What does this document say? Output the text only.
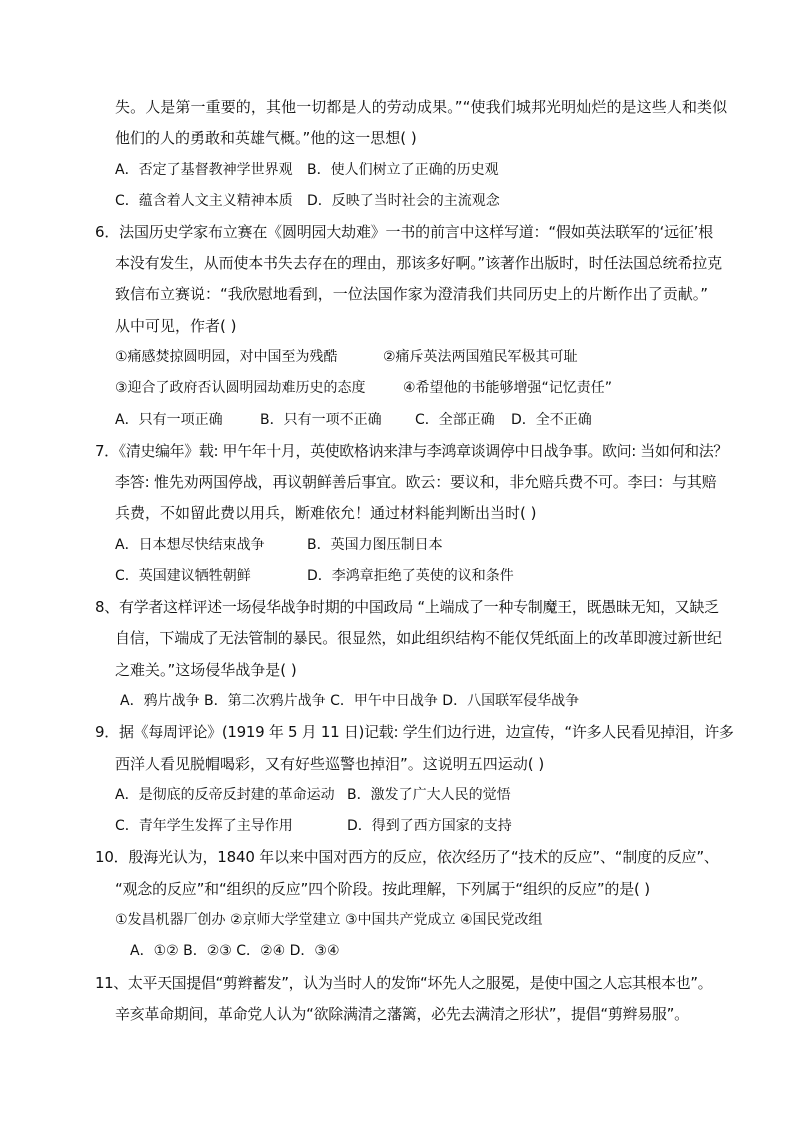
失。人是第一重要的，其他一切都是人的劳动成果。”“使我们城邦光明灿烂的是这些人和类似
他们的人的勇敢和英雄气概。”他的这一思想( )
A．否定了基督教神学世界观 B．使人们树立了正确的历史观
C．蕴含着人文主义精神本质 D．反映了当时社会的主流观念
6．法国历史学家布立赛在《圆明园大劫难》一书的前言中这样写道：“假如英法联军的‘远征’根
本没有发生，从而使本书失去存在的理由，那该多好啊。”该著作出版时，时任法国总统希拉克
致信布立赛说：“我欣慰地看到，一位法国作家为澄清我们共同历史上的片断作出了贡献。”
从中可见，作者( )
①痛感焚掠圆明园，对中国至为残酷	②痛斥英法两国殖民军极其可耻
③迎合了政府否认圆明园劫难历史的态度	④希望他的书能够增强“记忆责任”
A．只有一项正确	B．只有一项不正确 C．全部正确 D．全不正确
7．《清史编年》载: 甲午年十月，英使欧格讷来津与李鸿章谈调停中日战争事。欧问: 当如何和法？
李答: 惟先劝两国停战，再议朝鲜善后事宜。欧云：要议和，非允赔兵费不可。李曰：与其赔
兵费，不如留此费以用兵，断难依允！通过材料能判断出当时( )
A．日本想尽快结束战争	B．英国力图压制日本
C．英国建议牺牲朝鲜	D．李鸿章拒绝了英使的议和条件
8、有学者这样评述一场侵华战争时期的中国政局 “上端成了一种专制魔王，既愚昧无知，又缺乏
自信，下端成了无法管制的暴民。很显然，如此组织结构不能仅凭纸面上的改革即渡过新世纪
之难关。”这场侵华战争是( )
A．鸦片战争 B．第二次鸦片战争 C．甲午中日战争 D．八国联军侵华战争
9．据《每周评论》(1919 年 5 月 11 日)记载: 学生们边行进，边宣传，“许多人民看见掉泪，许多
西洋人看见脱帽喝彩，又有好些巡警也掉泪”。这说明五四运动( )
A．是彻底的反帝反封建的革命运动 B．激发了广大人民的觉悟
C．青年学生发挥了主导作用	D．得到了西方国家的支持
10．殷海光认为，1840 年以来中国对西方的反应，依次经历了“技术的反应”、“制度的反应”、
“观念的反应”和“组织的反应”四个阶段。按此理解，下列属于“组织的反应”的是( )
①发昌机器厂创办 ②京师大学堂建立 ③中国共产党成立 ④国民党改组
A．①② B．②③ C．②④ D．③④
11、太平天国提倡“剪辫蓄发”，认为当时人的发饰“坏先人之服冕，是使中国之人忘其根本也”。
辛亥革命期间，革命党人认为“欲除满清之藩篱，必先去满清之形状”，提倡“剪辫易服”。
